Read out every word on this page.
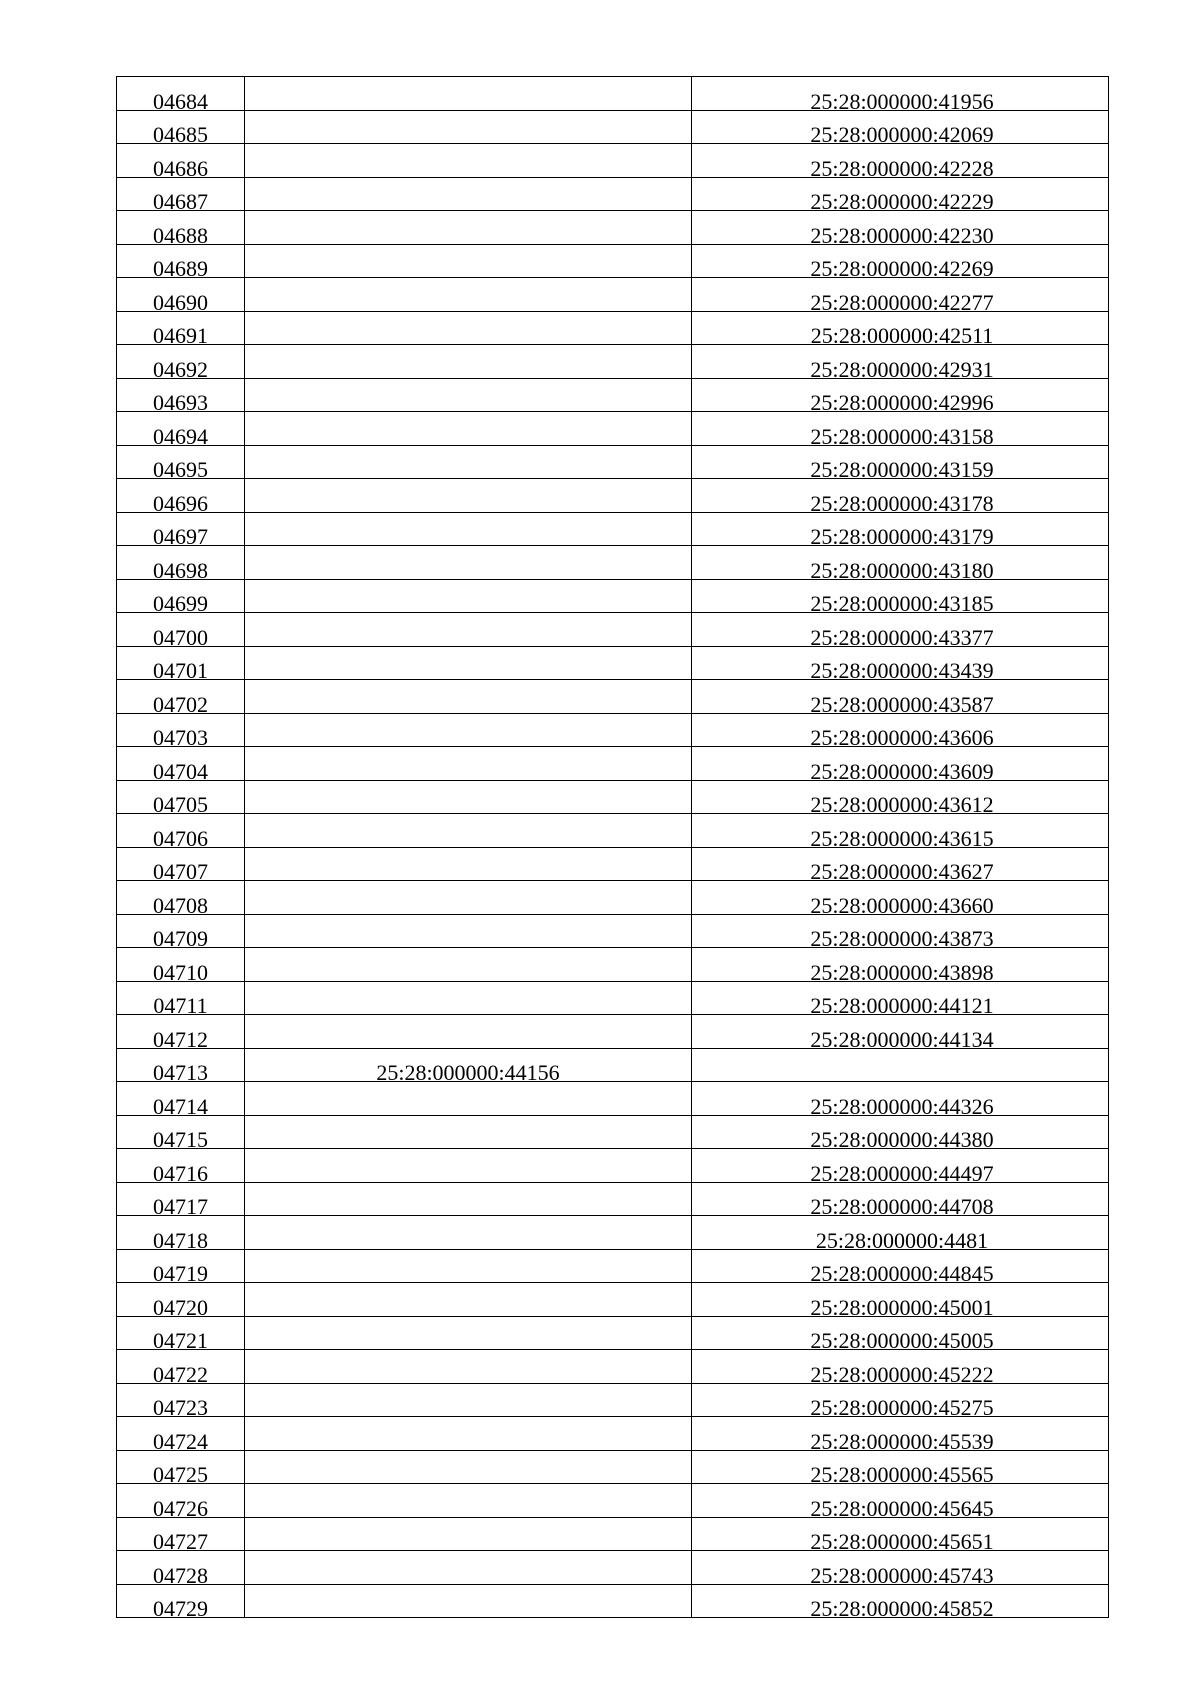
04684		25:28:000000:41956
04685		25:28:000000:42069
04686		25:28:000000:42228
04687		25:28:000000:42229
04688		25:28:000000:42230
04689		25:28:000000:42269
04690		25:28:000000:42277
04691		25:28:000000:42511
04692		25:28:000000:42931
04693		25:28:000000:42996
04694		25:28:000000:43158
04695		25:28:000000:43159
04696		25:28:000000:43178
04697		25:28:000000:43179
04698		25:28:000000:43180
04699		25:28:000000:43185
04700		25:28:000000:43377
04701		25:28:000000:43439
04702		25:28:000000:43587
04703		25:28:000000:43606
04704		25:28:000000:43609
04705		25:28:000000:43612
04706		25:28:000000:43615
04707		25:28:000000:43627
04708		25:28:000000:43660
04709		25:28:000000:43873
04710		25:28:000000:43898
04711		25:28:000000:44121
04712		25:28:000000:44134
04713	25:28:000000:44156	
04714		25:28:000000:44326
04715		25:28:000000:44380
04716		25:28:000000:44497
04717		25:28:000000:44708
04718		25:28:000000:4481
04719		25:28:000000:44845
04720		25:28:000000:45001
04721		25:28:000000:45005
04722		25:28:000000:45222
04723		25:28:000000:45275
04724		25:28:000000:45539
04725		25:28:000000:45565
04726		25:28:000000:45645
04727		25:28:000000:45651
04728		25:28:000000:45743
04729		25:28:000000:45852
